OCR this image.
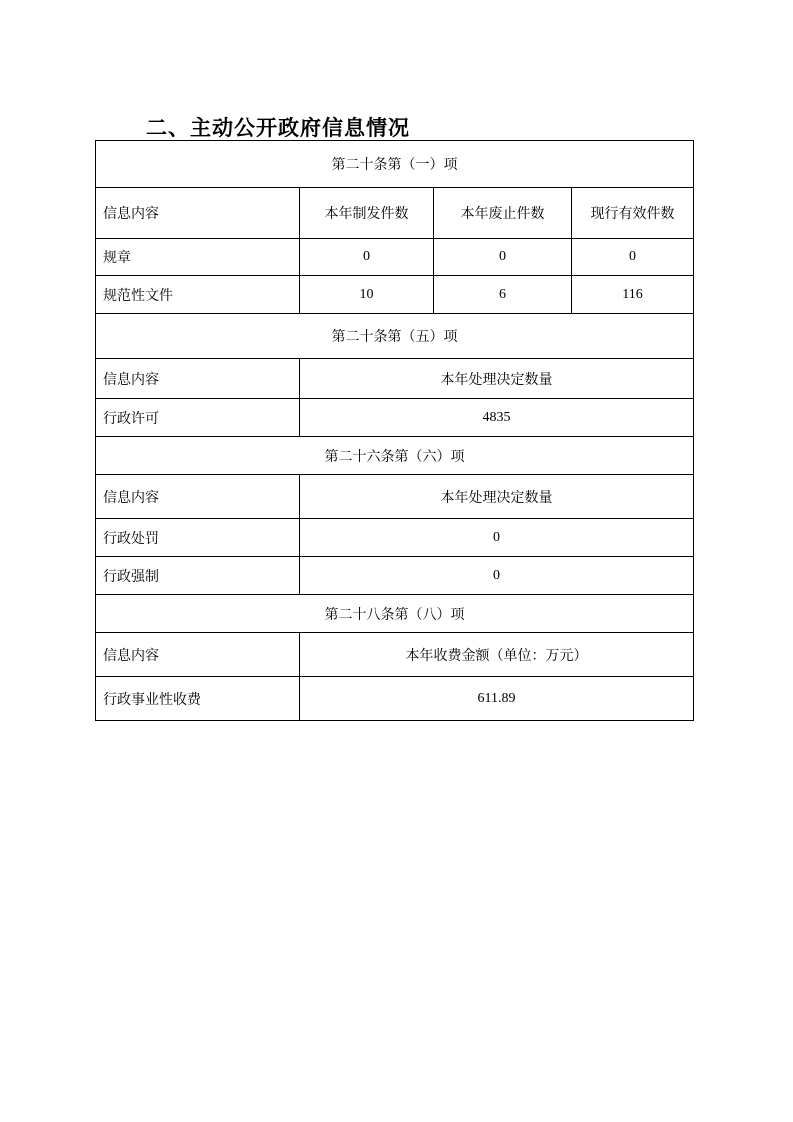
二、主动公开政府信息情况
第二十条第（一）项			
信息内容	本年制发件数	本年废止件数	现行有效件数
规章	0	0	0
规范性文件	10	6	116
第二十条第（五）项			
信息内容	本年处理决定数量		
行政许可	4835		
第二十六条第（六）项			
信息内容	本年处理决定数量		
行政处罚	0		
行政强制	0		
第二十八条第（八）项			
信息内容	本年收费金额（单位：万元）		
行政事业性收费	611.89		
